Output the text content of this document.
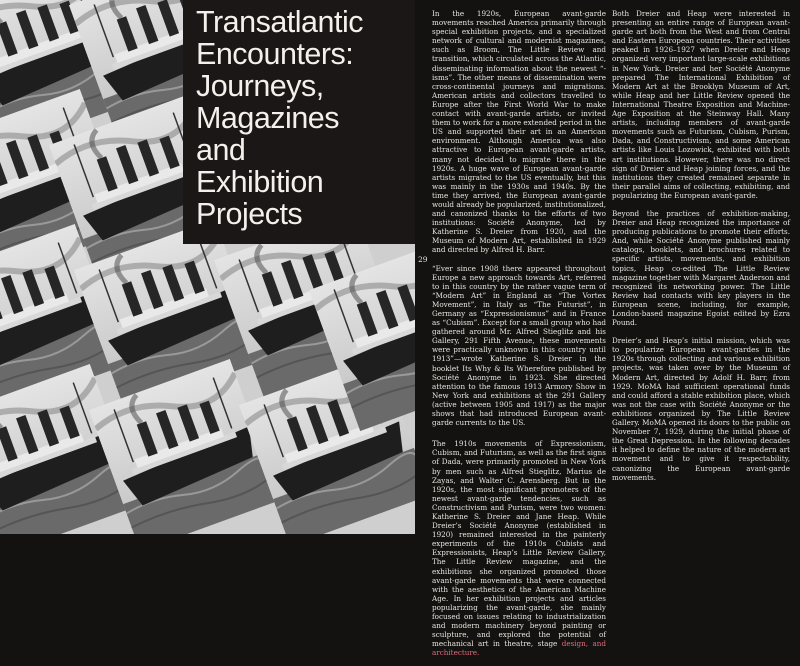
Transatlantic
Encounters:
Journeys,
Magazines
and
Exhibition
Projects
29

In the 1920s, European avant-garde movements reached America primarily through special exhibition projects, and a specialized network of cultural and modernist magazines, such as Broom, The Little Review and transition, which circulated across the Atlantic, disseminating information about the newest “-isms”. The other means of dissemination were cross-continental journeys and migrations. American artists and collectors travelled to Europe after the First World War to make contact with avant-garde artists, or invited them to work for a more extended period in the US and supported their art in an American environment. Although America was also attractive to European avant-garde artists, many not decided to migrate there in the 1920s. A huge wave of European avant-garde artists migrated to the US eventually, but this was mainly in the 1930s and 1940s. By the time they arrived, the European avant-garde would already be popularized, institutionalized, and canonized thanks to the efforts of two institutions: Société Anonyme, led by Katherine S. Dreier from 1920, and the Museum of Modern Art, established in 1929 and directed by Alfred H. Barr.

“Ever since 1908 there appeared throughout Europe a new approach towards Art, referred to in this country by the rather vague term of “Modern Art” in England as “The Vortex Movement”, in Italy as “The Futurist”, in Germany as “Expressionismus” and in France as “Cubism”. Except for a small group who had gathered around Mr. Alfred Stieglitz and his Gallery, 291 Fifth Avenue, these movements were practically unknown in this country until 1913”—wrote Katherine S. Dreier in the booklet Its Why & Its Wherefore published by Société Anonyme in 1923. She directed attention to the famous 1913 Armory Show in New York and exhibitions at the 291 Gallery (active between 1905 and 1917) as the major shows that had introduced European avant-garde currents to the US.

The 1910s movements of Expressionism, Cubism, and Futurism, as well as the first signs of Dada, were primarily promoted in New York by men such as Alfred Stieglitz, Marius de Zayas, and Walter C. Arensberg. But in the 1920s, the most significant promoters of the newest avant-garde tendencies, such as Constructivism and Purism, were two women: Katherine S. Dreier and Jane Heap. While Dreier’s Société Anonyme (established in 1920) remained interested in the painterly experiments of the 1910s Cubists and Expressionists, Heap’s Little Review Gallery, The Little Review magazine, and the exhibitions she organized promoted those avant-garde movements that were connected with the aesthetics of the American Machine Age. In her exhibition projects and articles popularizing the avant-garde, she mainly focused on issues relating to industrialization and modern machinery beyond painting or sculpture, and explored the potential of mechanical art in theatre, stage design, and architecture.

Both Dreier and Heap were interested in presenting an entire range of European avant-garde art both from the West and from Central and Eastern European countries. Their activities peaked in 1926–1927 when Dreier and Heap organized very important large-scale exhibitions in New York. Dreier and her Société Anonyme prepared The International Exhibition of Modern Art at the Brooklyn Museum of Art, while Heap and her Little Review opened the International Theatre Exposition and Machine-Age Exposition at the Steinway Hall. Many artists, including members of avant-garde movements such as Futurism, Cubism, Purism, Dada, and Constructivism, and some American artists like Louis Lozowick, exhibited with both art institutions. However, there was no direct sign of Dreier and Heap joining forces, and the institutions they created remained separate in their parallel aims of collecting, exhibiting, and popularizing the European avant-garde.

Beyond the practices of exhibition-making, Dreier and Heap recognized the importance of producing publications to promote their efforts. And, while Société Anonyme published mainly catalogs, booklets, and brochures related to specific artists, movements, and exhibition topics, Heap co-edited The Little Review magazine together with Margaret Anderson and recognized its networking power. The Little Review had contacts with key players in the European scene, including, for example, London-based magazine Egoist edited by Ezra Pound.

Dreier’s and Heap’s initial mission, which was to popularize European avant-gardes in the 1920s through collecting and various exhibition projects, was taken over by the Museum of Modern Art, directed by Adolf H. Barr, from 1929. MoMA had sufficient operational funds and could afford a stable exhibition place, which was not the case with Société Anonyme or the exhibitions organized by The Little Review Gallery. MoMA opened its doors to the public on November 7, 1929, during the initial phase of the Great Depression. In the following decades it helped to define the nature of the modern art movement and to give it respectability, canonizing the European avant-garde movements.
